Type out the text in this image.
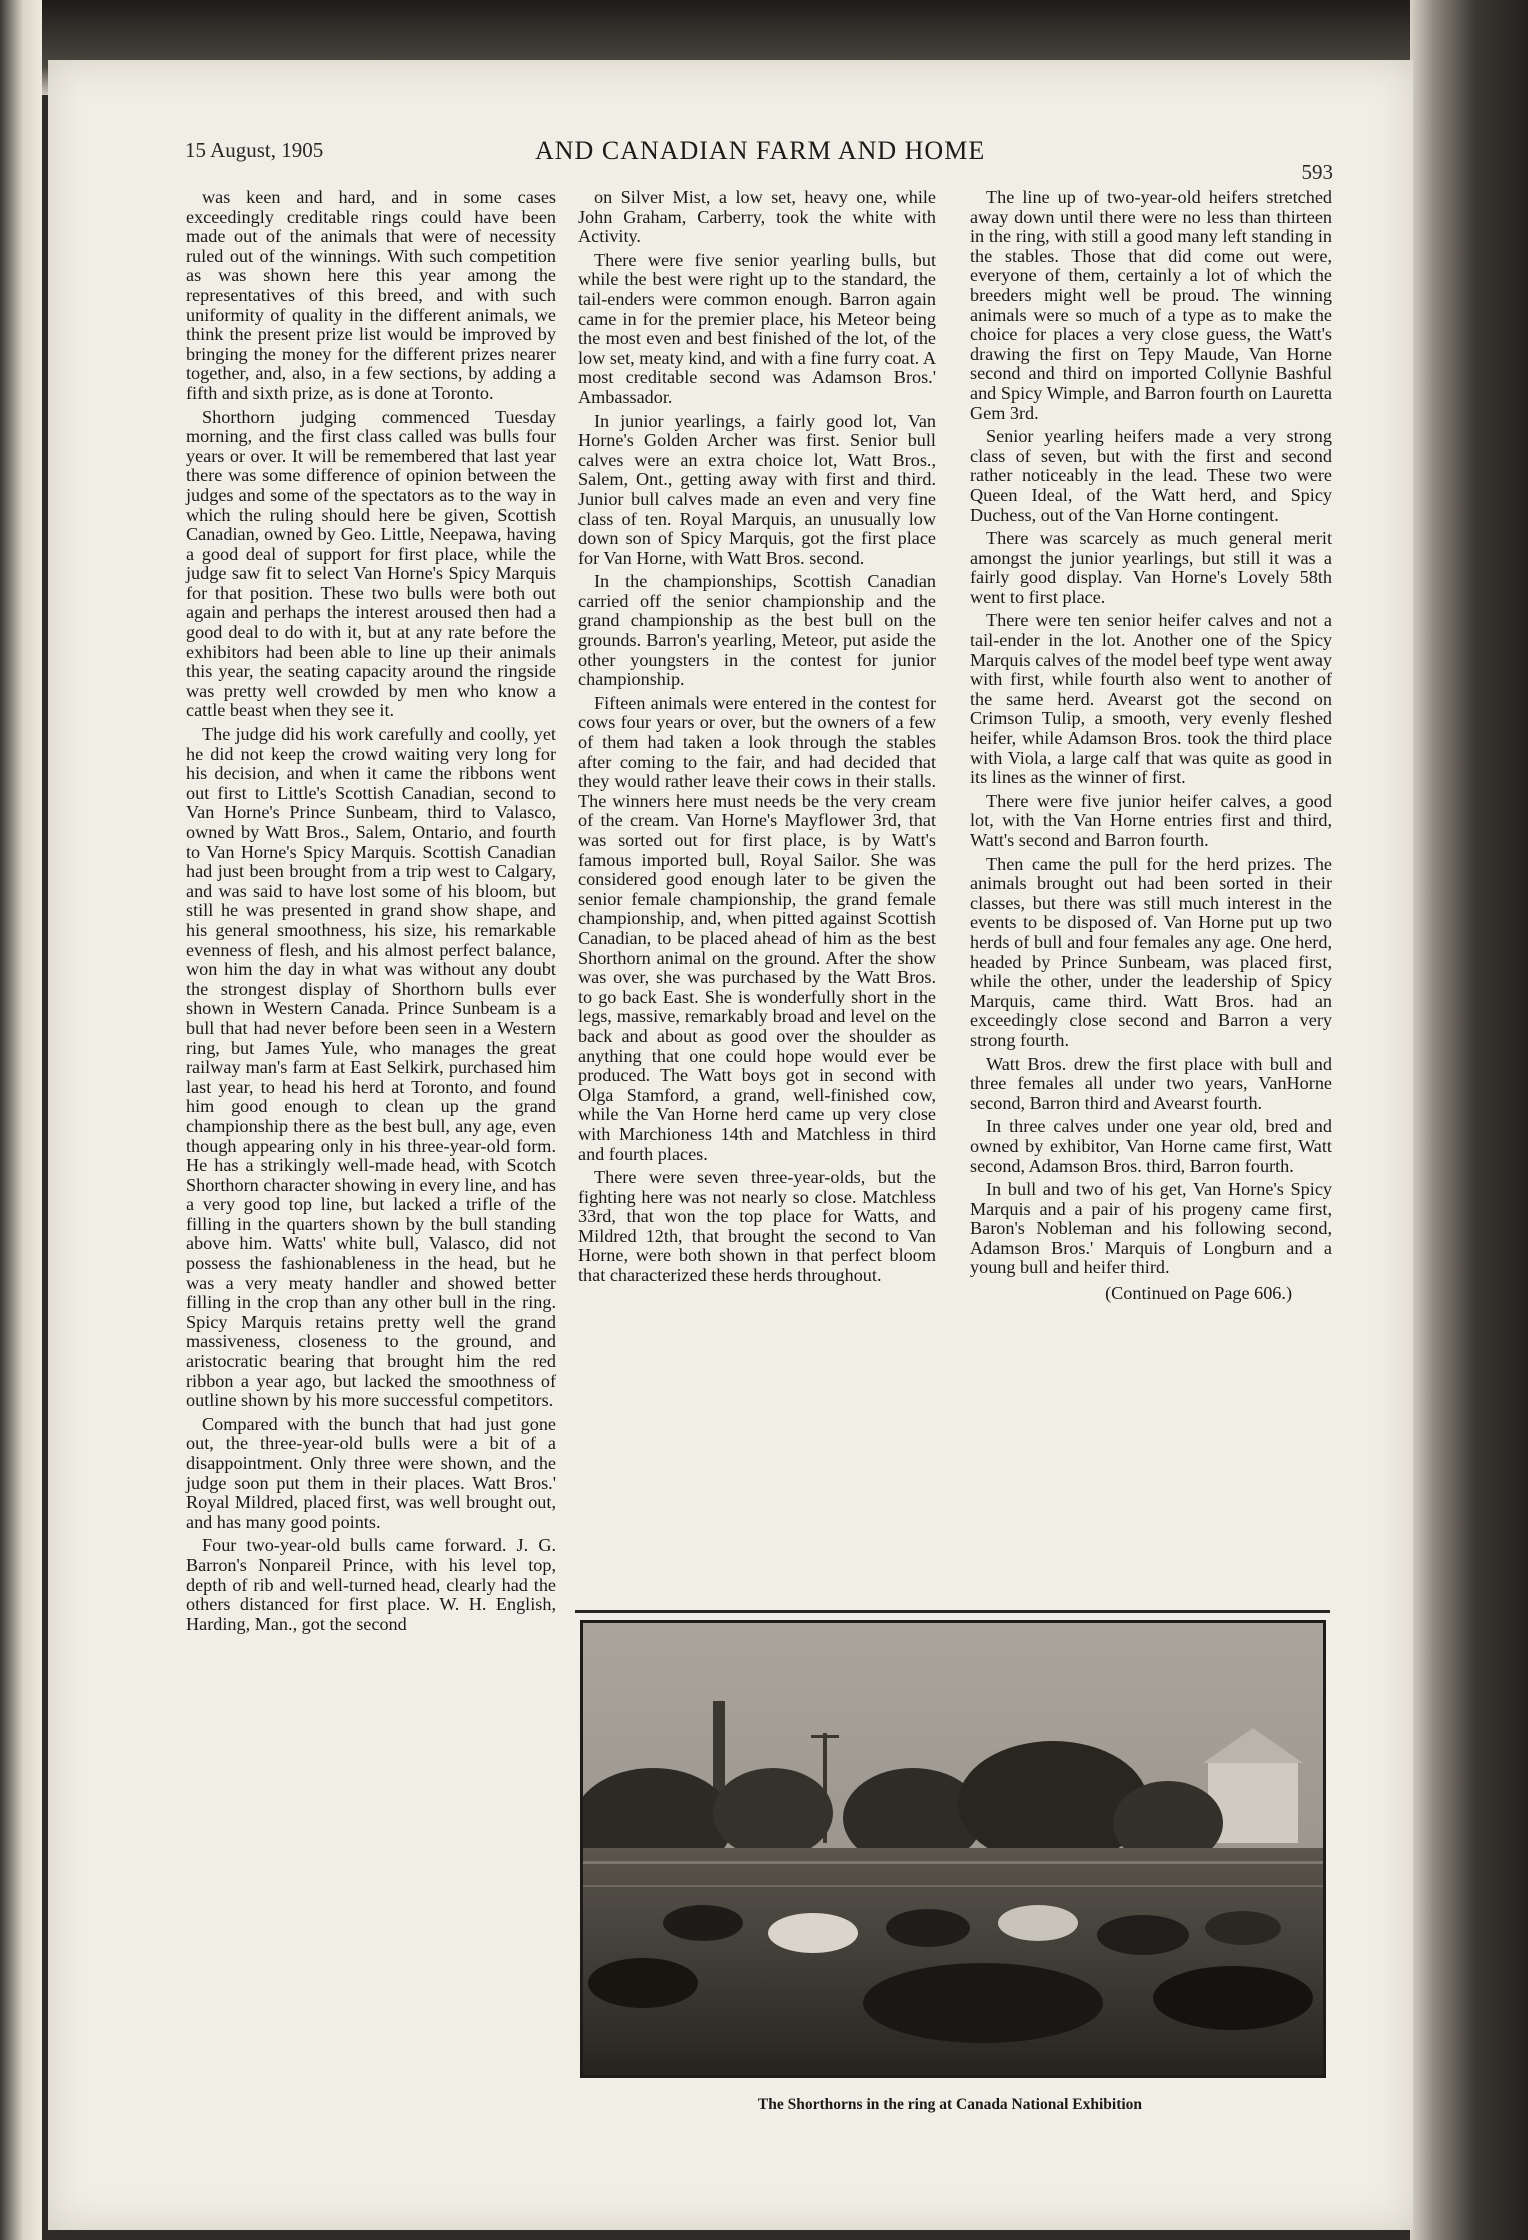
15 August, 1905	AND CANADIAN FARM AND HOME
593

was keen and hard, and in some cases exceedingly creditable rings could have been made out of the animals that were of necessity ruled out of the winnings. With such competition as was shown here this year among the representatives of this breed, and with such uniformity of quality in the different animals, we think the present prize list would be improved by bringing the money for the different prizes nearer together, and, also, in a few sections, by adding a fifth and sixth prize, as is done at Toronto.

Shorthorn judging commenced Tuesday morning, and the first class called was bulls four years or over. It will be remembered that last year there was some difference of opinion between the judges and some of the spectators as to the way in which the ruling should here be given, Scottish Canadian, owned by Geo. Little, Neepawa, having a good deal of support for first place, while the judge saw fit to select Van Horne's Spicy Marquis for that position. These two bulls were both out again and perhaps the interest aroused then had a good deal to do with it, but at any rate before the exhibitors had been able to line up their animals this year, the seating capacity around the ringside was pretty well crowded by men who know a cattle beast when they see it.

The judge did his work carefully and coolly, yet he did not keep the crowd waiting very long for his decision, and when it came the ribbons went out first to Little's Scottish Canadian, second to Van Horne's Prince Sunbeam, third to Valasco, owned by Watt Bros., Salem, Ontario, and fourth to Van Horne's Spicy Marquis. Scottish Canadian had just been brought from a trip west to Calgary, and was said to have lost some of his bloom, but still he was presented in grand show shape, and his general smoothness, his size, his remarkable evenness of flesh, and his almost perfect balance, won him the day in what was without any doubt the strongest display of Shorthorn bulls ever shown in Western Canada. Prince Sunbeam is a bull that had never before been seen in a Western ring, but James Yule, who manages the great railway man's farm at East Selkirk, purchased him last year, to head his herd at Toronto, and found him good enough to clean up the grand championship there as the best bull, any age, even though appearing only in his three-year-old form. He has a strikingly well-made head, with Scotch Shorthorn character showing in every line, and has a very good top line, but lacked a trifle of the filling in the quarters shown by the bull standing above him. Watts' white bull, Valasco, did not possess the fashionableness in the head, but he was a very meaty handler and showed better filling in the crop than any other bull in the ring. Spicy Marquis retains pretty well the grand massiveness, closeness to the ground, and aristocratic bearing that brought him the red ribbon a year ago, but lacked the smoothness of outline shown by his more successful competitors.

Compared with the bunch that had just gone out, the three-year-old bulls were a bit of a disappointment. Only three were shown, and the judge soon put them in their places. Watt Bros.' Royal Mildred, placed first, was well brought out, and has many good points.

Four two-year-old bulls came forward. J. G. Barron's Nonpareil Prince, with his level top, depth of rib and well-turned head, clearly had the others distanced for first place. W. H. English, Harding, Man., got the second

on Silver Mist, a low set, heavy one, while John Graham, Carberry, took the white with Activity.

There were five senior yearling bulls, but while the best were right up to the standard, the tail-enders were common enough. Barron again came in for the premier place, his Meteor being the most even and best finished of the lot, of the low set, meaty kind, and with a fine furry coat. A most creditable second was Adamson Bros.' Ambassador.

In junior yearlings, a fairly good lot, Van Horne's Golden Archer was first. Senior bull calves were an extra choice lot, Watt Bros., Salem, Ont., getting away with first and third. Junior bull calves made an even and very fine class of ten. Royal Marquis, an unusually low down son of Spicy Marquis, got the first place for Van Horne, with Watt Bros. second.

In the championships, Scottish Canadian carried off the senior championship and the grand championship as the best bull on the grounds. Barron's yearling, Meteor, put aside the other youngsters in the contest for junior championship.

Fifteen animals were entered in the contest for cows four years or over, but the owners of a few of them had taken a look through the stables after coming to the fair, and had decided that they would rather leave their cows in their stalls. The winners here must needs be the very cream of the cream. Van Horne's Mayflower 3rd, that was sorted out for first place, is by Watt's famous imported bull, Royal Sailor. She was considered good enough later to be given the senior female championship, the grand female championship, and, when pitted against Scottish Canadian, to be placed ahead of him as the best Shorthorn animal on the ground. After the show was over, she was purchased by the Watt Bros. to go back East. She is wonderfully short in the legs, massive, remarkably broad and level on the back and about as good over the shoulder as anything that one could hope would ever be produced. The Watt boys got in second with Olga Stamford, a grand, well-finished cow, while the Van Horne herd came up very close with Marchioness 14th and Matchless in third and fourth places.

There were seven three-year-olds, but the fighting here was not nearly so close. Matchless 33rd, that won the top place for Watts, and Mildred 12th, that brought the second to Van Horne, were both shown in that perfect bloom that characterized these herds throughout.

The line up of two-year-old heifers stretched away down until there were no less than thirteen in the ring, with still a good many left standing in the stables. Those that did come out were, everyone of them, certainly a lot of which the breeders might well be proud. The winning animals were so much of a type as to make the choice for places a very close guess, the Watt's drawing the first on Tepy Maude, Van Horne second and third on imported Collynie Bashful and Spicy Wimple, and Barron fourth on Lauretta Gem 3rd.

Senior yearling heifers made a very strong class of seven, but with the first and second rather noticeably in the lead. These two were Queen Ideal, of the Watt herd, and Spicy Duchess, out of the Van Horne contingent.

There was scarcely as much general merit amongst the junior yearlings, but still it was a fairly good display. Van Horne's Lovely 58th went to first place.

There were ten senior heifer calves and not a tail-ender in the lot. Another one of the Spicy Marquis calves of the model beef type went away with first, while fourth also went to another of the same herd. Avearst got the second on Crimson Tulip, a smooth, very evenly fleshed heifer, while Adamson Bros. took the third place with Viola, a large calf that was quite as good in its lines as the winner of first.

There were five junior heifer calves, a good lot, with the Van Horne entries first and third, Watt's second and Barron fourth.

Then came the pull for the herd prizes. The animals brought out had been sorted in their classes, but there was still much interest in the events to be disposed of. Van Horne put up two herds of bull and four females any age. One herd, headed by Prince Sunbeam, was placed first, while the other, under the leadership of Spicy Marquis, came third. Watt Bros. had an exceedingly close second and Barron a very strong fourth.

Watt Bros. drew the first place with bull and three females all under two years, VanHorne second, Barron third and Avearst fourth.

In three calves under one year old, bred and owned by exhibitor, Van Horne came first, Watt second, Adamson Bros. third, Barron fourth.

In bull and two of his get, Van Horne's Spicy Marquis and a pair of his progeny came first, Baron's Nobleman and his following second, Adamson Bros.' Marquis of Longburn and a young bull and heifer third.

(Continued on Page 606.)

The Shorthorns in the ring at Canada National Exhibition
